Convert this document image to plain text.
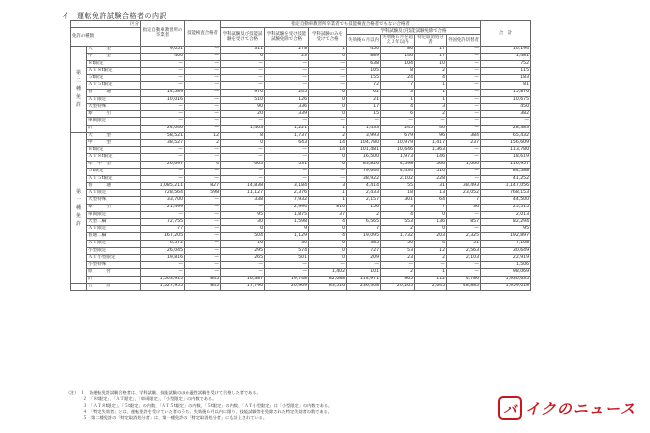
イ　運転免許試験合格者の内訳
区分		指定自動車教習所の卒業者	技能検査合格者	指定自動車教習所卒業者でも技能検査合格者でもない合格者							合　計
免許の種類				学科試験及び技能試験を受けて合格	学科試験を受け技能試験免除で合格	学科試験のみを受けて合格	学科試験及び技能試験免除で合格				
							失効後６月以内	失効後６月を超え３年以内	特定取消処分者	外国免許切替者	
第
二
種
免
許	大　　　型	9,051	—	311	278	1	450	86	17	—	10,194
	中　　　型	400	—	6	23	0	889	146	17	—	1,481
	８t限定	—	—	—	—	—	638	104	10	—	752
	ＡＴ８t限定	—	—	—	—	—	105	8	2	—	115
	５t限定	—	—	—	—	—	155	24	4	—	183
	ＡＴ５t限定	—	—	—	—	—	72	7	1	—	81
	普　　　通	14,589	—	976	245	0	62	3	1	—	15,876
	ＡＴ限定	10,016	—	510	126	0	21	1	1	—	10,675
	大型特殊	—	—	90	336	0	17	4	3	—	450
	牽　　　引	—	—	20	339	0	15	6	2	—	382
	車両限定	—	—	—	—	—	—	—	—	—	—
	計	24,040	—	1,403	1,221	1	1,433	245	40	—	28,383
第
一
種
免
許	大　　　型	58,521	12	8	1,737	2	3,993	679	96	384	65,432
	中　　　型	38,527	2	0	643	14	104,780	10,979	1,417	237	156,609
	８t限定	—	—	—	—	14	101,481	10,646	1,363	—	113,780
	ＡＴ８t限定	—	—	—	—	0	16,500	1,973	146	—	18,619
	準　中　型	26,697	4	665	531	0	83,826	4,598	566	1,060	116,957
	５t限定	—	—	—	—	—	79,644	4,434	510	—	84,588
	ＡＴ５t限定	—	—	—	—	—	38,922	2,102	228	—	41,252
	普　　　通	1,085,211	827	14,838	3,184	3	4,414	55	31	38,493	1,147,056
	ＡＴ限定	728,564	598	11,127	2,376	1	2,433	18	13	23,052	768,153
	大型特殊	33,700	—	338	7,932	1	2,157	301	64	7	44,500
	牽　　　引	21,499	—	—	2,994	810	156	3	7	36	25,515
	車両限定	—	—	95	1,875	37	2	4	0	—	2,013
	大型二輪	72,755	—	30	1,598	4	6,565	553	136	857	82,294
	ＡＴ限定	77	—	0	9	0	7	2	0	—	95
	普通二輪	167,205	—	504	1,129	4	19,095	1,732	203	2,325	192,897
	ＡＴ限定	6,572	—	16	30	0	385	50	4	51	7,108
	小型限定	26,045	—	295	574	0	727	53	12	2,563	30,649
	ＡＴ小型限定	19,816	—	265	501	0	209	23	2	2,103	22,919
	小型特殊	—	—	—	—	—	—	—	—	—	1,506
	原　　　付	—	—	—	—	1,402	101	2	1	—	98,069
	計	1,503,915	845	16,387	19,748	82,088	114,971	965	112	4,786	1,930,635
	合　　　計	1,527,955	845	17,790	20,969	83,516	236,308	20,265	2,645	48,885	1,959,018
（注）　１　各運転免許試験合格者は、学科試験、技能試験のほか適性試験を受けて合格した者である。
　　　　２　「８t限定」、「ＡＴ限定」、「車両限定」、「小型限定」の内数である。
　　　　３　「ＡＴ８t限定」、「５t限定」の内数、「ＡＴ５t限定」の内数、「５t限定」の内数、「ＡＴ小型限定」は「小型限定」の内数である。
　　　　４　「特定失効者」とは、運転免許を受けていた者のうち、失効後６月以内に限り、技能試験等を免除された特定失効者の数である。
　　　　５　第二種免許の「特定取消処分者」は、第一種免許の「特定取消処分者」にも計上されている。
バ イクのニュース
